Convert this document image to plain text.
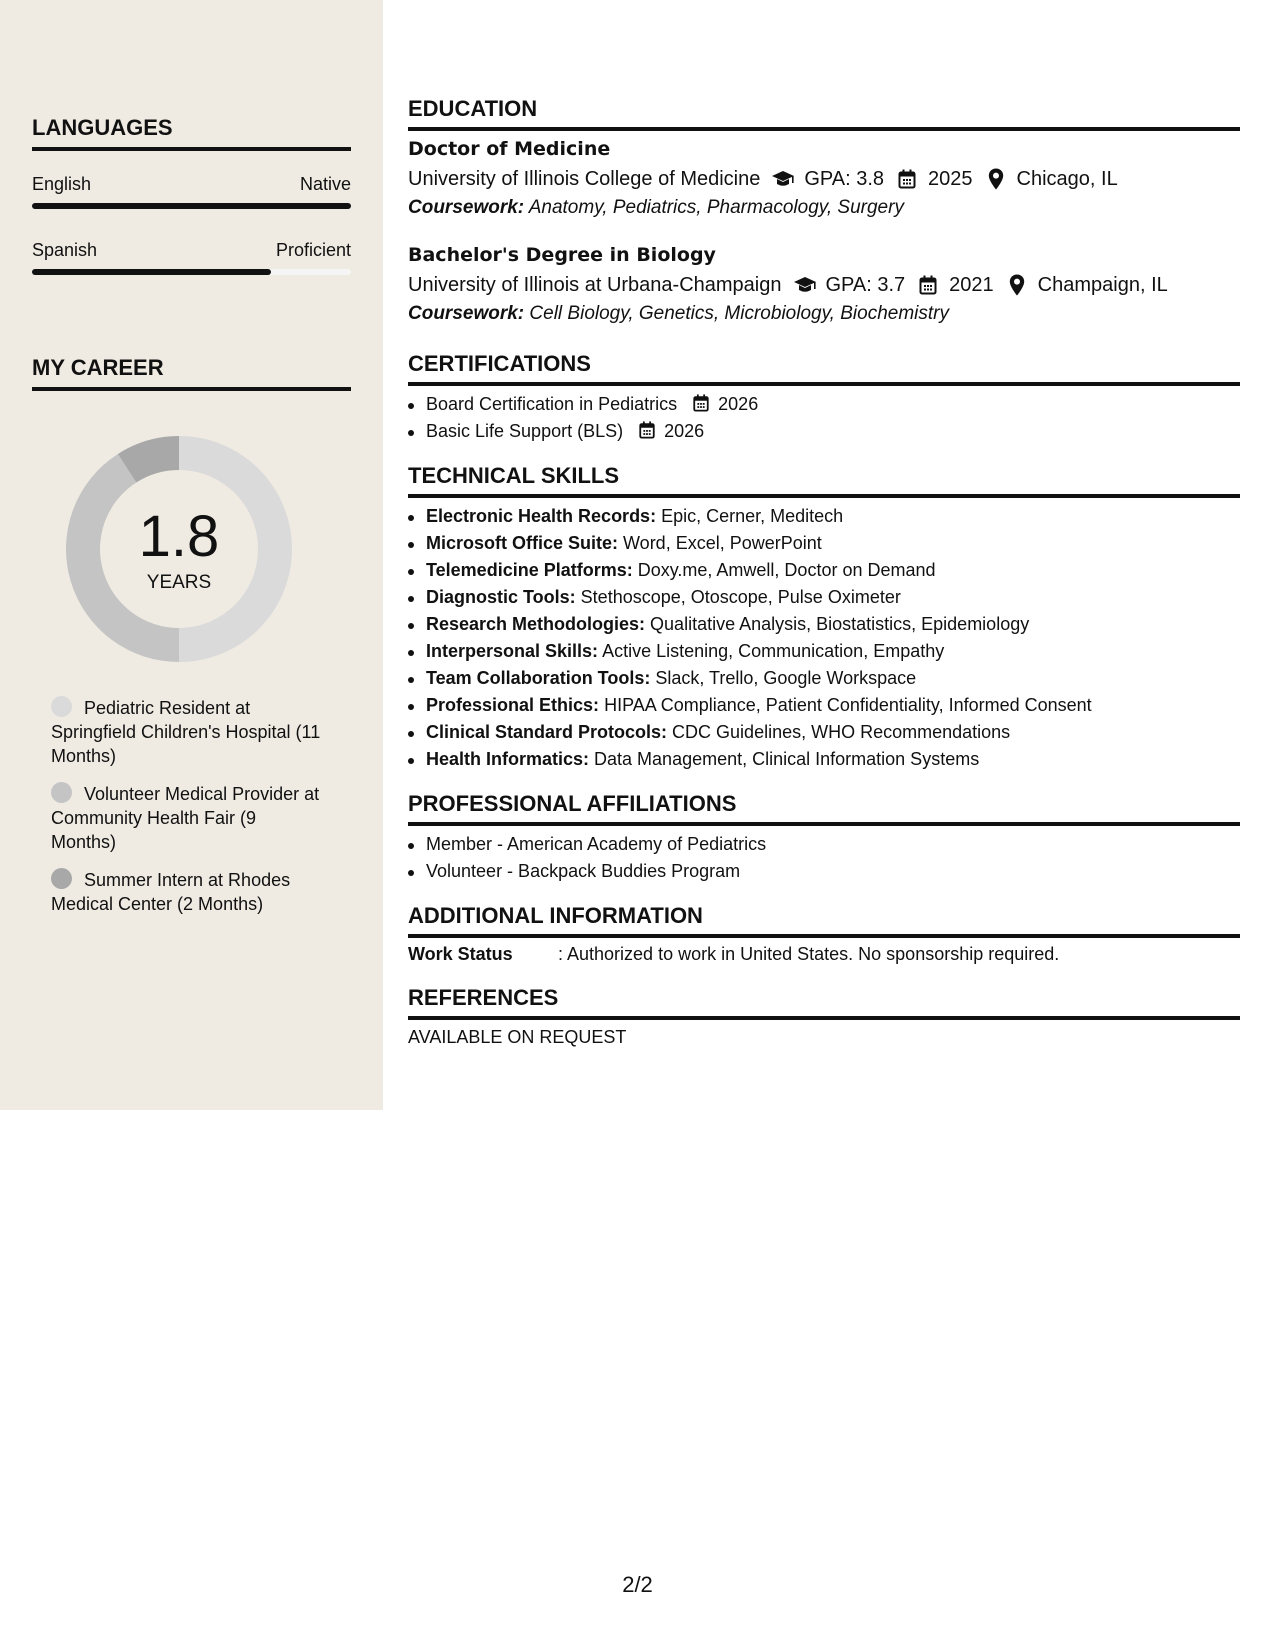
LANGUAGES
English	Native
Spanish	Proficient
MY CAREER
1.8
YEARS
Pediatric Resident at Springfield Children's Hospital (11 Months)
Volunteer Medical Provider at Community Health Fair (9 Months)
Summer Intern at Rhodes Medical Center (2 Months)
EDUCATION
Doctor of Medicine
University of Illinois College of Medicine GPA: 3.8 2025 Chicago, IL
Coursework: Anatomy, Pediatrics, Pharmacology, Surgery
Bachelor's Degree in Biology
University of Illinois at Urbana-Champaign GPA: 3.7 2021 Champaign, IL
Coursework: Cell Biology, Genetics, Microbiology, Biochemistry
CERTIFICATIONS
Board Certification in Pediatrics 2026
Basic Life Support (BLS) 2026
TECHNICAL SKILLS
Electronic Health Records: Epic, Cerner, Meditech
Microsoft Office Suite: Word, Excel, PowerPoint
Telemedicine Platforms: Doxy.me, Amwell, Doctor on Demand
Diagnostic Tools: Stethoscope, Otoscope, Pulse Oximeter
Research Methodologies: Qualitative Analysis, Biostatistics, Epidemiology
Interpersonal Skills: Active Listening, Communication, Empathy
Team Collaboration Tools: Slack, Trello, Google Workspace
Professional Ethics: HIPAA Compliance, Patient Confidentiality, Informed Consent
Clinical Standard Protocols: CDC Guidelines, WHO Recommendations
Health Informatics: Data Management, Clinical Information Systems
PROFESSIONAL AFFILIATIONS
Member - American Academy of Pediatrics
Volunteer - Backpack Buddies Program
ADDITIONAL INFORMATION
Work Status	: Authorized to work in United States. No sponsorship required.
REFERENCES
AVAILABLE ON REQUEST
2/2
